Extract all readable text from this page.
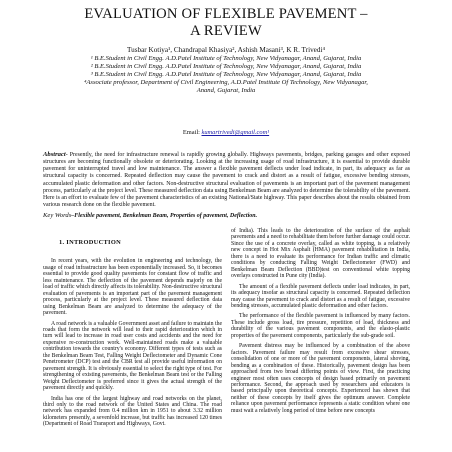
EVALUATION OF FLEXIBLE PAVEMENT –
A REVIEW
Tusbar Kotiya¹, Chandrapal Khasiya², Ashish Masani³, K R. Trivedi⁴
¹ B.E.Student in Civil Engg. A.D.Patel Institute of Technology, New Vidyanagar, Anand, Gujarat, India
² B.E.Student in Civil Engg. A.D.Patel Institute of Technology, New Vidyanagar, Anand, Gujarat, India
³ B.E.Student in Civil Engg. A.D.Patel Institute of Technology, New Vidyanagar, Anand, Gujarat, India
⁴Associate professor, Department of Civil Engineering, A.D.Patel Institute Of Technology, New Vidyanagar,
Anand, Gujarat, India
Email: kumartrivedi@gmail.com¹
Abstract- Presently, the need for infrastructure renewal is rapidly growing globally. Highways pavements, bridges, parking garages and other exposed structures are becoming functionally obsolete or deteriorating. Looking at the increasing usage of road infrastructure, it is essential to provide durable pavement for uninterrupted travel and low maintenance. The answer a flexible pavement deflects under load indicate, in part, its adequacy as far as structural capacity is concerned. Repeated deflection may cause the pavement to crack and distort as a result of fatigue, excessive bending stresses, accumulated plastic deformation and other factors. Non-destructive structural evaluation of pavements is an important part of the pavement management process, particularly at the project level. These measured deflection data using Benkelman Beam are analyzed to determine the tolerability of the pavement. Here is an effort to evaluate few of the pavement characteristics of an existing National/State highway. This paper describes about the results obtained from various research done on the flexible pavement.
Key Words–Flexible pavement, Benkelman Beam, Properties of pavement, Deflection.
1. INTRODUCTION

In recent years, with the evolution in engineering and technology, the usage of road infrastructure has been exponentially increased. So, it becomes essential to provide good quality pavements for constant flow of traffic and less maintenance. The deflection of the pavement depends majorly on the load of traffic which directly affects its tolerability. Non-destructive structural evaluation of pavements is an important part of the pavement management process, particularly at the project level. These measured deflection data using Benkelman Beam are analyzed to determine the adequacy of the pavement.

A road network is a valuable Government asset and failure to maintain the roads that form the network will lead to their rapid deterioration which in turn will lead to increase in road user costs and accidents and the need for expensive re-construction work. Well-maintained roads make a valuable contribution towards the country's economy. Different types of tests such as the Benkelman Beam Test, Falling Weight Deflectometer and Dynamic Cone Penetrometer (DCP) test and the CBR test all provide useful information on pavement strength. It is obviously essential to select the right type of test. For strengthening of existing pavements, the Benkelman Beam test or the Falling Weight Deflectometer is preferred since it gives the actual strength of the pavement directly and quickly.

India has one of the largest highway and road networks on the planet, third only to the road network of the United States and China. The road network has expanded from 0.4 million km in 1951 to about 3.32 million kilometers presently, a sevenfold increase, but traffic has increased 120 times (Department of Road Transport and Highways, Govt.

of India). This leads to the deterioration of the surface of the asphalt pavements and a need to rehabilitate them before further damage could occur. Since the use of a concrete overlay, called as white topping, is a relatively new concept in Hot Mix Asphalt (HMA) pavement rehabilitation in India, there is a need to evaluate its performance for Indian traffic and climatic conditions by conducting Falling Weight Deflectometer (FWD) and Benkelman Beam Deflection (BBD)test on conventional white topping overlays constructed in Pune city (India).

The amount of a flexible pavement deflects under load indicates, in part, its adequacy insofar as structural capacity is concerned. Repeated deflection may cause the pavement to crack and distort as a result of fatigue, excessive bending stresses, accumulated plastic deformation and other factors.

The performance of the flexible pavement is influenced by many factors. These include gross load, tire pressure, repetition of load, thickness and durability of the various pavement components, and the elasto-plastic properties of the pavement components, particularly the sub-grade soil.

Pavement distress may be influenced by a combination of the above factors. Pavement failure may result from excessive shear stresses, consolidation of one or more of the pavement components, lateral shoving, bending as a combination of these. Historically, pavement design has been approached from two broad differing points of view. First, the practicing engineer most often uses concepts of design based primarily on pavement performance. Second, the approach used by researchers and educators is based principally upon theoretical concepts. Experienced has shown that neither of these concepts by itself gives the optimum answer. Complete reliance upon pavement performance represents a static condition where one must wait a relatively long period of time before new concepts
